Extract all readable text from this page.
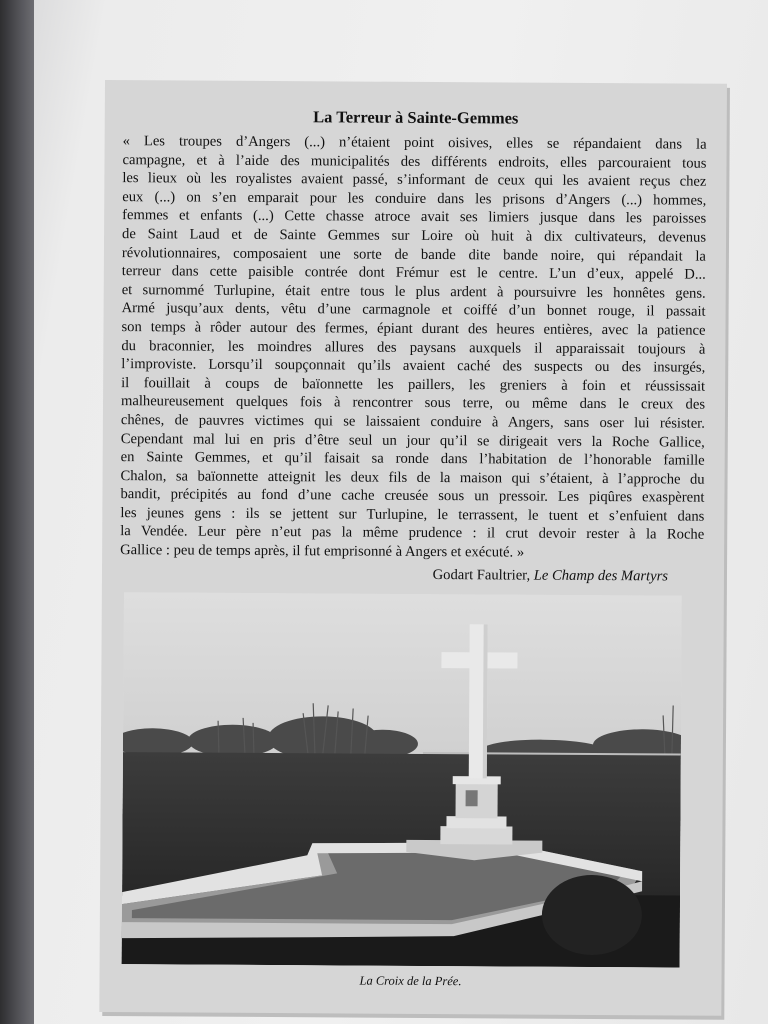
La Terreur à Sainte-Gemmes
« Les troupes d’Angers (...) n’étaient point oisives, elles se répandaient dans la
campagne, et à l’aide des municipalités des différents endroits, elles parcouraient tous
les lieux où les royalistes avaient passé, s’informant de ceux qui les avaient reçus chez
eux (...) on s’en emparait pour les conduire dans les prisons d’Angers (...) hommes,
femmes et enfants (...) Cette chasse atroce avait ses limiers jusque dans les paroisses
de Saint Laud et de Sainte Gemmes sur Loire où huit à dix cultivateurs, devenus
révolutionnaires, composaient une sorte de bande dite bande noire, qui répandait la
terreur dans cette paisible contrée dont Frémur est le centre. L’un d’eux, appelé D...
et surnommé Turlupine, était entre tous le plus ardent à poursuivre les honnêtes gens.
Armé jusqu’aux dents, vêtu d’une carmagnole et coiffé d’un bonnet rouge, il passait
son temps à rôder autour des fermes, épiant durant des heures entières, avec la patience
du braconnier, les moindres allures des paysans auxquels il apparaissait toujours à
l’improviste. Lorsqu’il soupçonnait qu’ils avaient caché des suspects ou des insurgés,
il fouillait à coups de baïonnette les paillers, les greniers à foin et réussissait
malheureusement quelques fois à rencontrer sous terre, ou même dans le creux des
chênes, de pauvres victimes qui se laissaient conduire à Angers, sans oser lui résister.
Cependant mal lui en pris d’être seul un jour qu’il se dirigeait vers la Roche Gallice,
en Sainte Gemmes, et qu’il faisait sa ronde dans l’habitation de l’honorable famille
Chalon, sa baïonnette atteignit les deux fils de la maison qui s’étaient, à l’approche du
bandit, précipités au fond d’une cache creusée sous un pressoir. Les piqûres exaspèrent
les jeunes gens : ils se jettent sur Turlupine, le terrassent, le tuent et s’enfuient dans
la Vendée. Leur père n’eut pas la même prudence : il crut devoir rester à la Roche
Gallice : peu de temps après, il fut emprisonné à Angers et exécuté. »
Godart Faultrier, Le Champ des Martyrs
La Croix de la Prée.
